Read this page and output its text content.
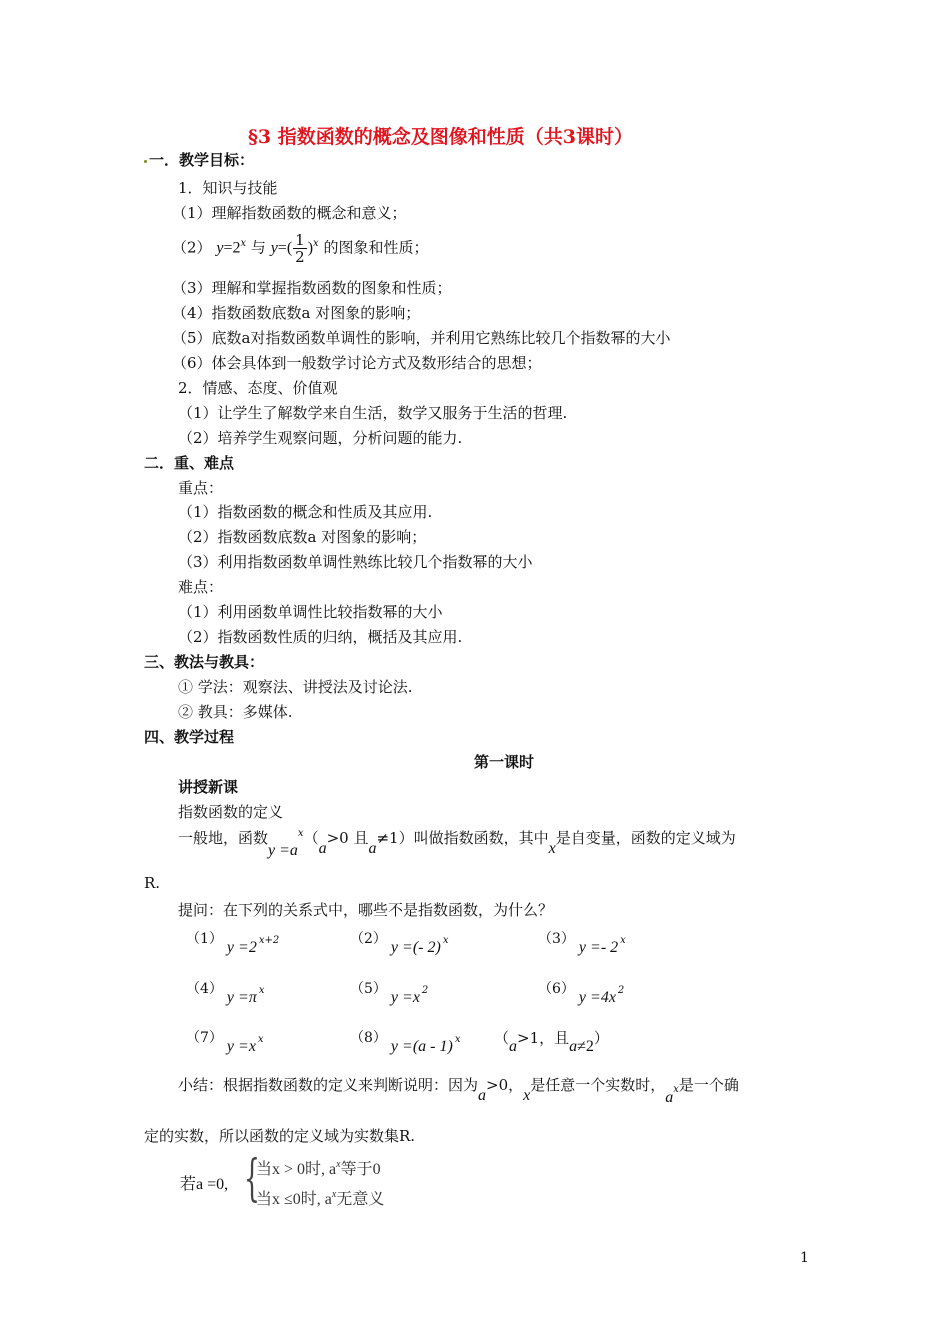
§3 指数函数的概念及图像和性质（共3课时）
一．教学目标：
1．知识与技能
（1）理解指数函数的概念和意义；
（2） $y=2^x$ 与 $y=( \frac{1}{2} )^x$ 的图象和性质；
（3）理解和掌握指数函数的图象和性质；
（4）指数函数底数a 对图象的影响；
（5）底数a对指数函数单调性的影响，并利用它熟练比较几个指数幂的大小
（6）体会具体到一般数学讨论方式及数形结合的思想；
2．情感、态度、价值观
（1）让学生了解数学来自生活，数学又服务于生活的哲理.
（2）培养学生观察问题，分析问题的能力.
二．重、难点
重点：
（1）指数函数的概念和性质及其应用.
（2）指数函数底数a 对图象的影响；
（3）利用指数函数单调性熟练比较几个指数幂的大小
难点：
（1）利用函数单调性比较指数幂的大小
（2）指数函数性质的归纳，概括及其应用.
三、教法与教具：
① 学法：观察法、讲授法及讨论法.
② 教具：多媒体.
四、教学过程
第一课时
讲授新课
指数函数的定义
一般地，函数$y =a^x(a>0$ 且a≠1）叫做指数函数，其中x是自变量，函数的定义域为
R.
提问：在下列的关系式中，哪些不是指数函数，为什么？
（1） y =2 x+2	（2） y =(- 2) x	（3） y =- 2 x
（4） y =π x	（5） y =x 2	（6） y =4x 2
（7） y =x x	（8） y =(a - 1) x （a>1，且a≠2）
小结：根据指数函数的定义来判断说明：因为a>0，x是任意一个实数时，ax是一个确
定的实数，所以函数的定义域为实数集R.
若a =0, {
当x > 0时, $a^x$等于0
当x ≤0时, $a^x$无意义
1
